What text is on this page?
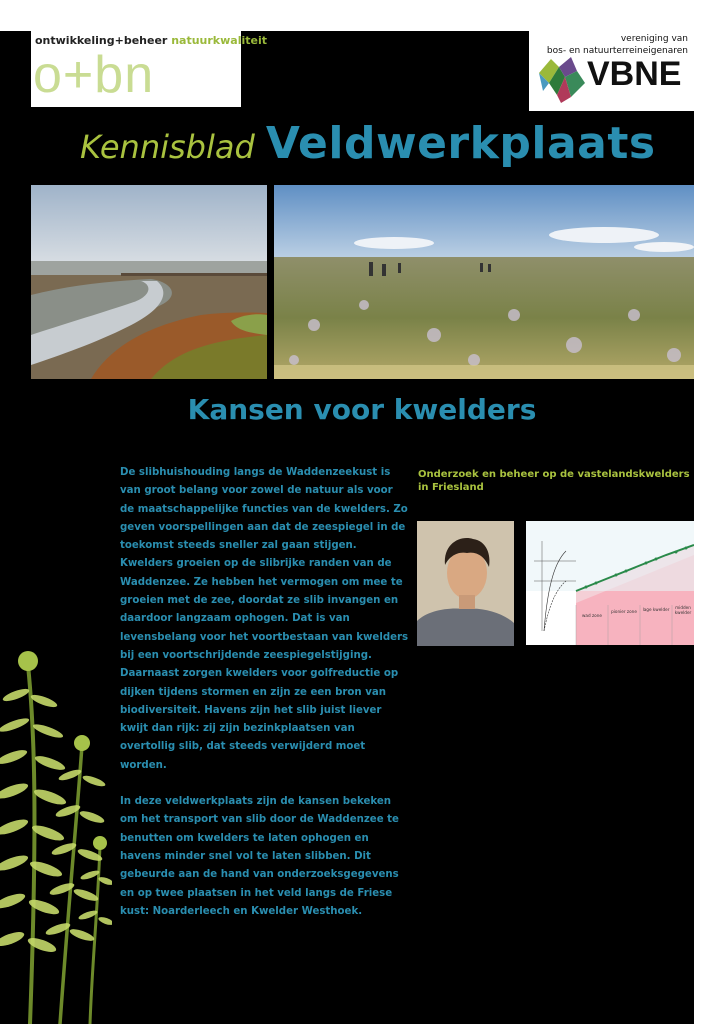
ontwikkeling+beheer natuurkwaliteit
o+bn
vereniging van
bos- en natuurterreineigenaren
VBNE
Kennisblad Veldwerkplaats
Kansen voor kwelders

De slibhuishouding langs de Waddenzeekust is van groot belang voor zowel de natuur als voor de maatschappelijke functies van de kwelders. Zo geven voorspellingen aan dat de zeespiegel in de toekomst steeds sneller zal gaan stijgen. Kwelders groeien op de slibrijke randen van de Waddenzee. Ze hebben het vermogen om mee te groeien met de zee, doordat ze slib invangen en daardoor langzaam ophogen. Dat is van levensbelang voor het voortbestaan van kwelders bij een voortschrijdende zeespiegelstijging. Daarnaast zorgen kwelders voor golfreductie op dijken tijdens stormen en zijn ze een bron van biodiversiteit. Havens zijn het slib juist liever kwijt dan rijk: zij zijn bezinkplaatsen van overtollig slib, dat steeds verwijderd moet worden.

In deze veldwerkplaats zijn de kansen bekeken om het transport van slib door de Waddenzee te benutten om kwelders te laten ophogen en havens minder snel vol te laten slibben. Dit gebeurde aan de hand van onderzoeksgegevens en op twee plaatsen in het veld langs de Friese kust: Noarderleech en Kwelder Westhoek.

Onderzoek en beheer op de vastelandskwelders in Friesland
wad zone
pionier zone lage kwelder	midden kwelder
